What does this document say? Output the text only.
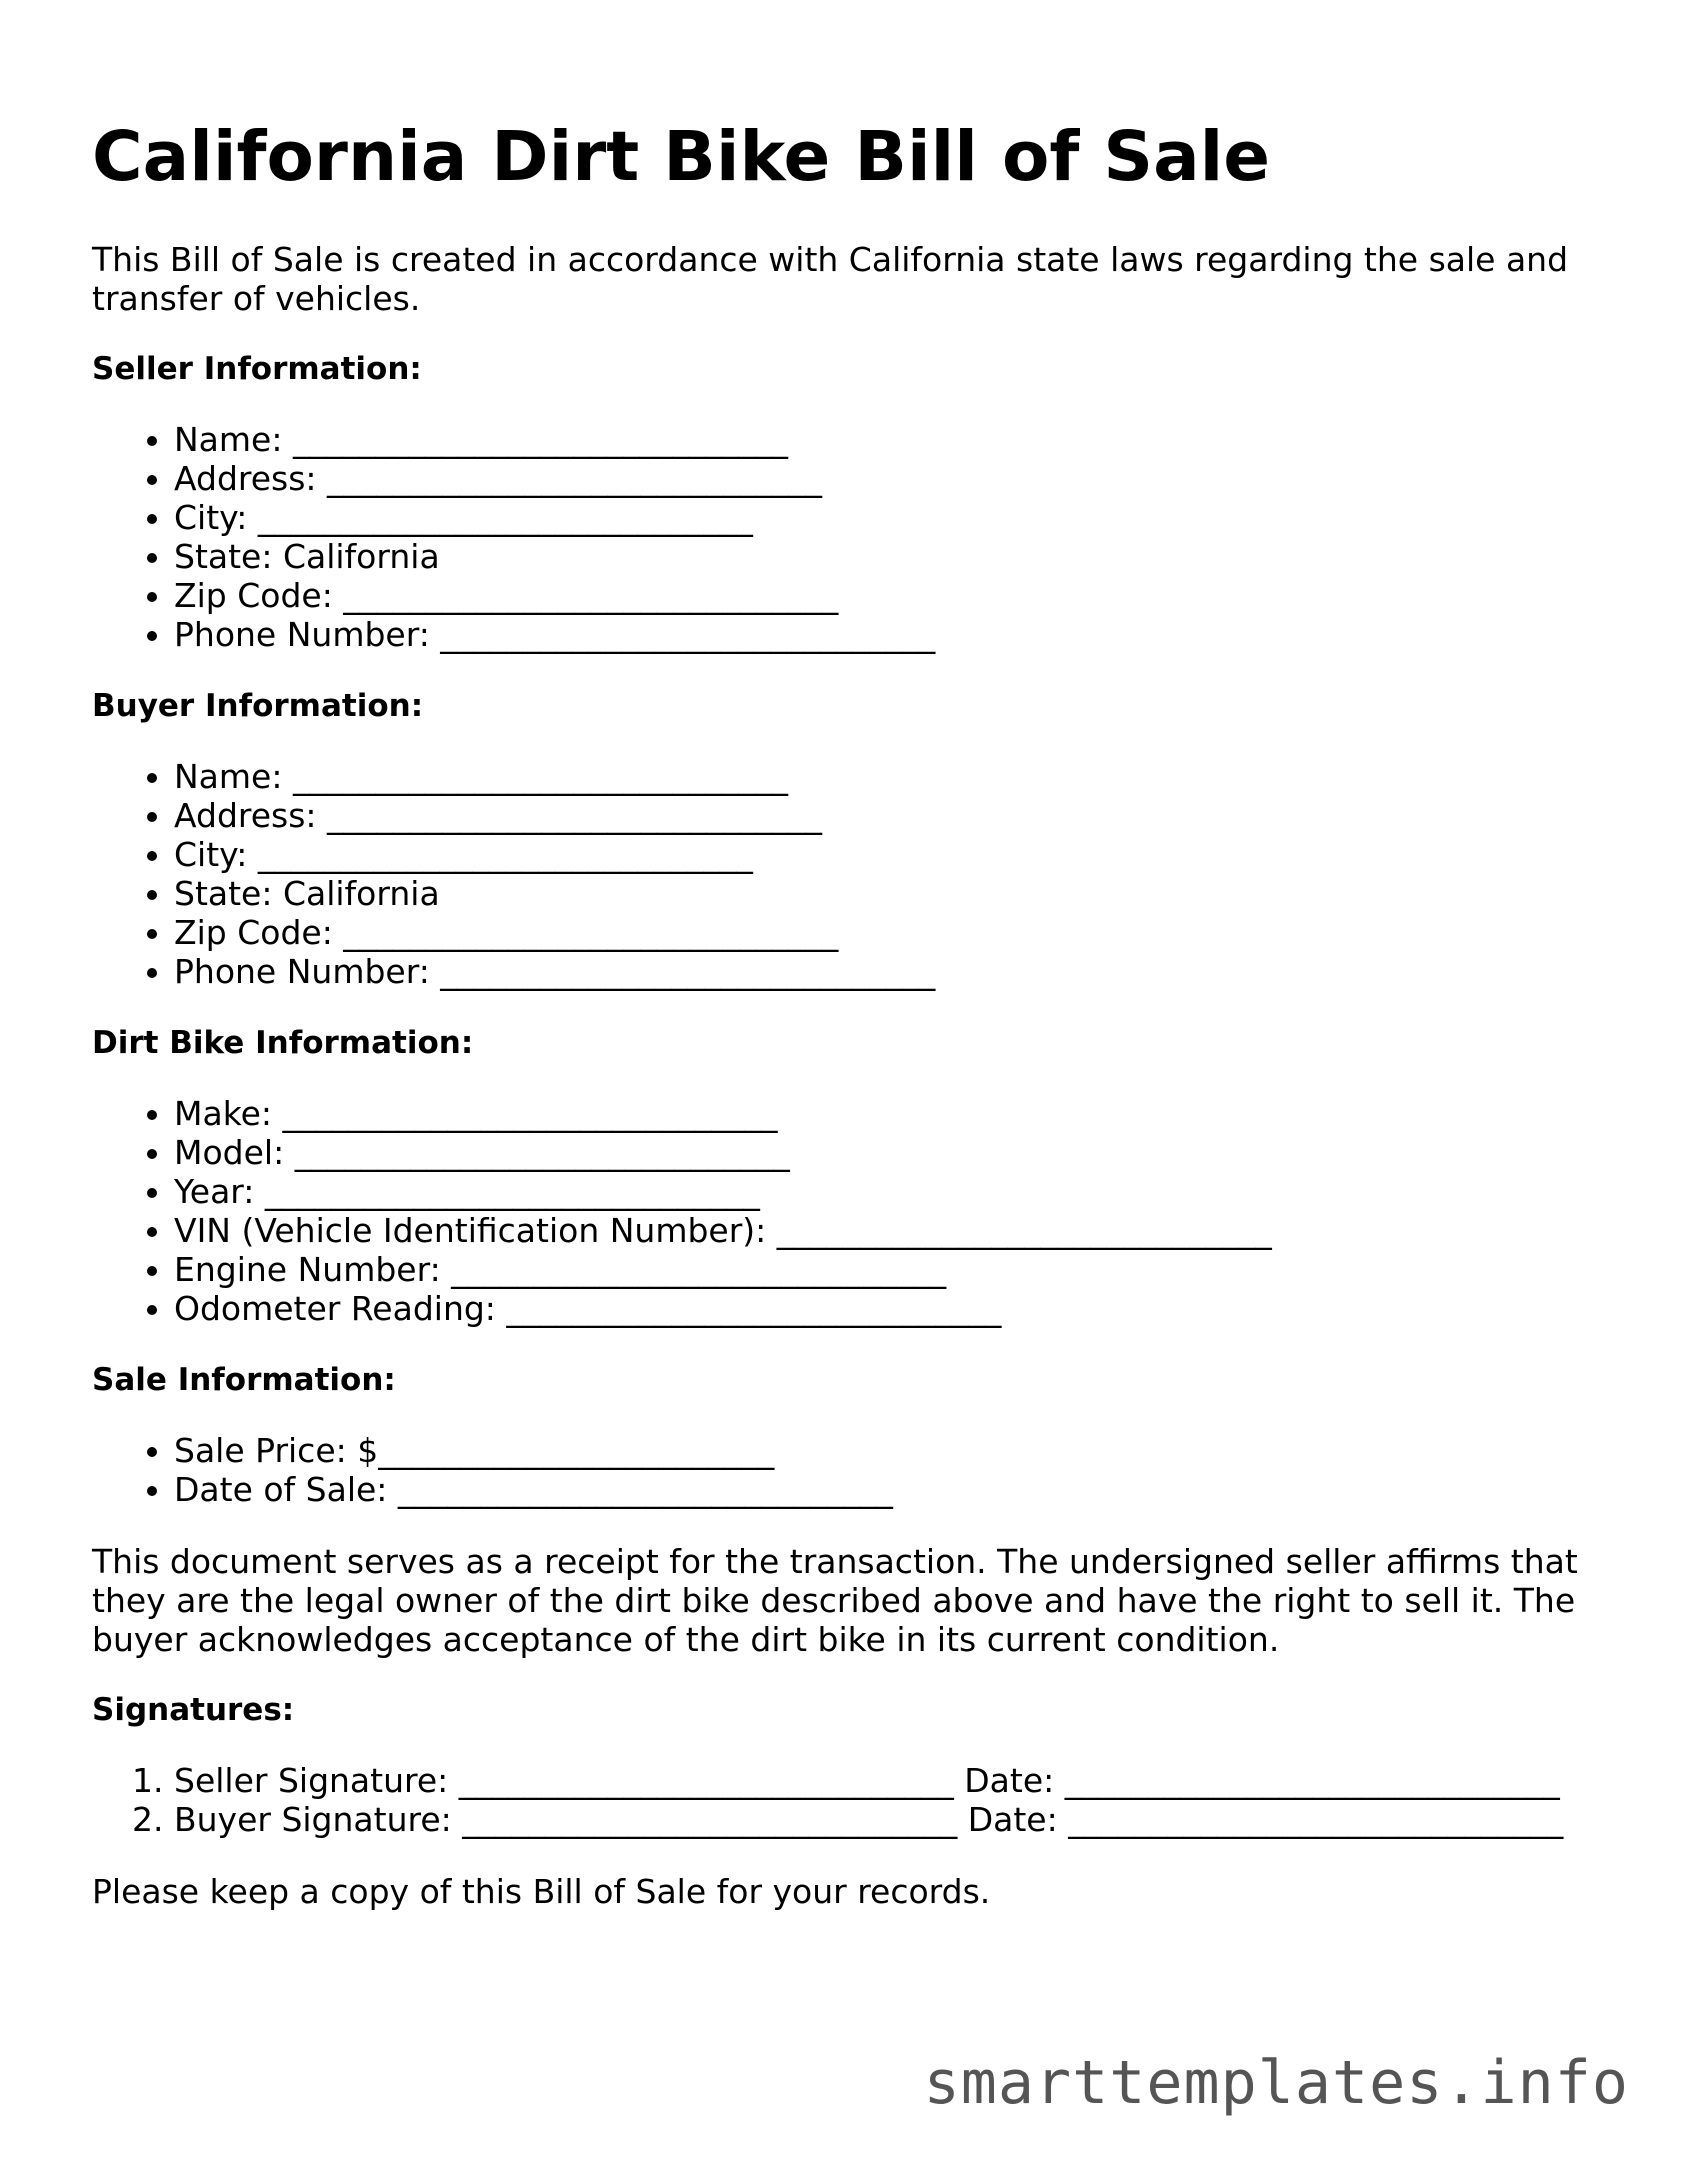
California Dirt Bike Bill of Sale

This Bill of Sale is created in accordance with California state laws regarding the sale and transfer of vehicles.

Seller Information:
• Name: ______________________________
• Address: ______________________________
• City: ______________________________
• State: California
• Zip Code: ______________________________
• Phone Number: ______________________________
Buyer Information:
• Name: ______________________________
• Address: ______________________________
• City: ______________________________
• State: California
• Zip Code: ______________________________
• Phone Number: ______________________________
Dirt Bike Information:
• Make: ______________________________
• Model: ______________________________
• Year: ______________________________
• VIN (Vehicle Identification Number): ______________________________
• Engine Number: ______________________________
• Odometer Reading: ______________________________
Sale Information:
• Sale Price: $________________________
• Date of Sale: ______________________________

This document serves as a receipt for the transaction. The undersigned seller affirms that they are the legal owner of the dirt bike described above and have the right to sell it. The buyer acknowledges acceptance of the dirt bike in its current condition.

Signatures:
1. Seller Signature: ______________________________ Date: ______________________________
2. Buyer Signature: ______________________________ Date: ______________________________

Please keep a copy of this Bill of Sale for your records.

smarttemplates.info
